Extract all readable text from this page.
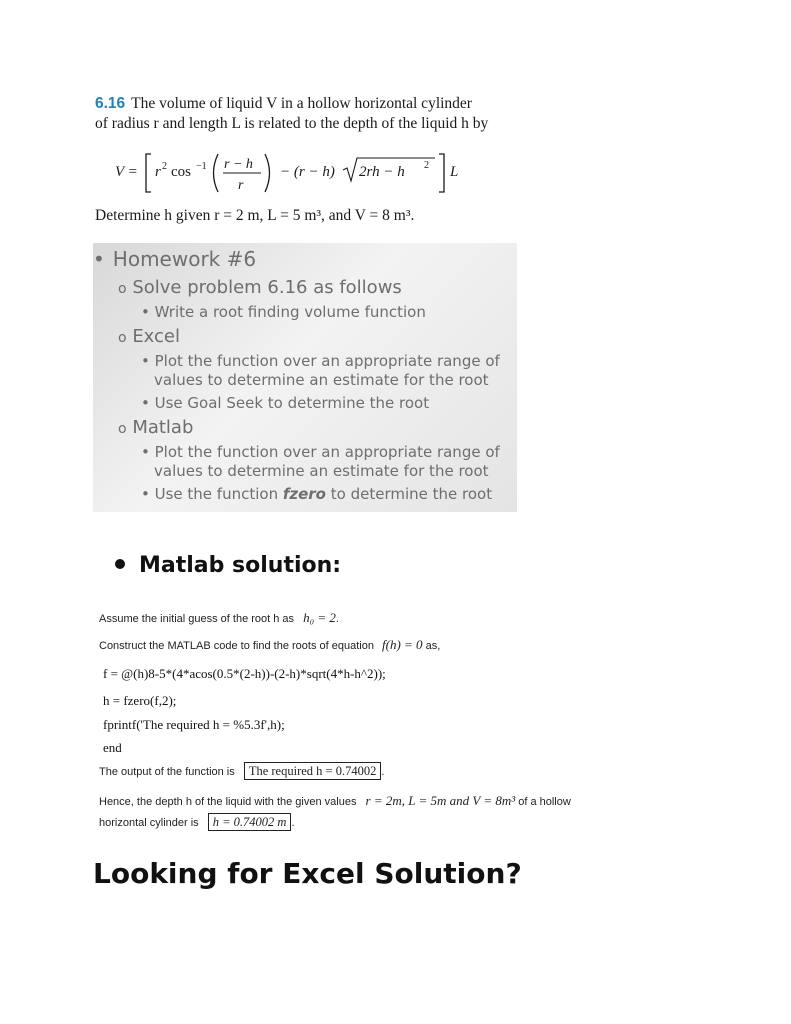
6.16 The volume of liquid V in a hollow horizontal cylinder
of radius r and length L is related to the depth of the liquid h by
V = r 2 cos −1 r − h
r
− (r − h) 2rh − h 2 L
Determine h given r = 2 m, L = 5 m³, and V = 8 m³.
• Homework #6
o Solve problem 6.16 as follows
• Write a root finding volume function
o Excel
• Plot the function over an appropriate range of
values to determine an estimate for the root
• Use Goal Seek to determine the root
o Matlab
• Plot the function over an appropriate range of
values to determine an estimate for the root
• Use the function fzero to determine the root
Matlab solution:
Assume the initial guess of the root h as h₀ = 2.
Construct the MATLAB code to find the roots of equation f(h) = 0 as,
f = @(h)8-5*(4*acos(0.5*(2-h))-(2-h)*sqrt(4*h-h^2));
h = fzero(f,2);
fprintf('The required h = %5.3f',h);
end
The output of the function is The required h = 0.74002 .
Hence, the depth h of the liquid with the given values r = 2m, L = 5m and V = 8m³ of a hollow
horizontal cylinder is h = 0.74002 m .
Looking for Excel Solution?
